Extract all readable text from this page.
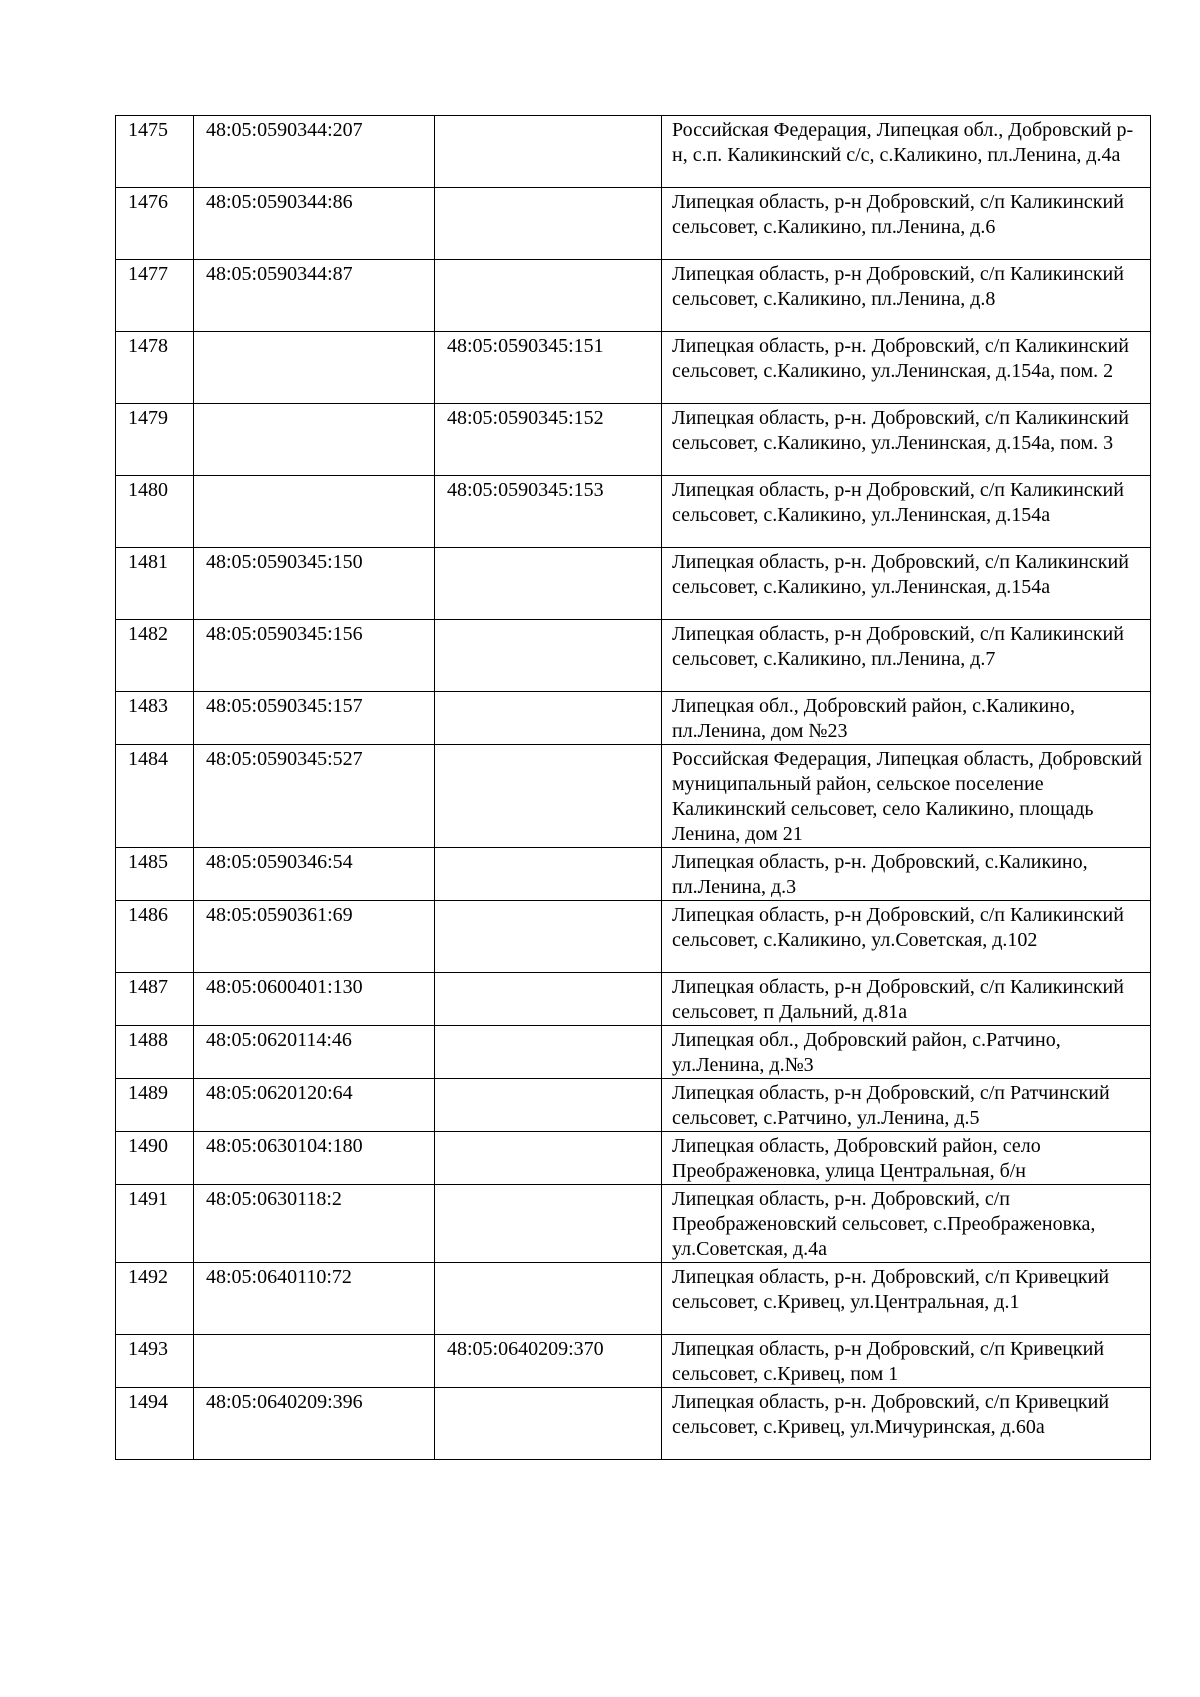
1475	48:05:0590344:207		Российская Федерация, Липецкая обл., Добровский р-н, с.п. Каликинский с/с, с.Каликино, пл.Ленина, д.4а
1476	48:05:0590344:86		Липецкая область, р-н Добровский, с/п Каликинский сельсовет, с.Каликино, пл.Ленина, д.6
1477	48:05:0590344:87		Липецкая область, р-н Добровский, с/п Каликинский сельсовет, с.Каликино, пл.Ленина, д.8
1478		48:05:0590345:151	Липецкая область, р-н. Добровский, с/п Каликинский сельсовет, с.Каликино, ул.Ленинская, д.154а, пом. 2
1479		48:05:0590345:152	Липецкая область, р-н. Добровский, с/п Каликинский сельсовет, с.Каликино, ул.Ленинская, д.154а, пом. 3
1480		48:05:0590345:153	Липецкая область, р-н Добровский, с/п Каликинский сельсовет, с.Каликино, ул.Ленинская, д.154а
1481	48:05:0590345:150		Липецкая область, р-н. Добровский, с/п Каликинский сельсовет, с.Каликино, ул.Ленинская, д.154а
1482	48:05:0590345:156		Липецкая область, р-н Добровский, с/п Каликинский сельсовет, с.Каликино, пл.Ленина, д.7
1483	48:05:0590345:157		Липецкая обл., Добровский район, с.Каликино, пл.Ленина, дом №23
1484	48:05:0590345:527		Российская Федерация, Липецкая область, Добровский муниципальный район, сельское поселение Каликинский сельсовет, село Каликино, площадь Ленина, дом 21
1485	48:05:0590346:54		Липецкая область, р-н. Добровский, с.Каликино, пл.Ленина, д.3
1486	48:05:0590361:69		Липецкая область, р-н Добровский, с/п Каликинский сельсовет, с.Каликино, ул.Советская, д.102
1487	48:05:0600401:130		Липецкая область, р-н Добровский, с/п Каликинский сельсовет, п Дальний, д.81а
1488	48:05:0620114:46		Липецкая обл., Добровский район, с.Ратчино, ул.Ленина, д.№3
1489	48:05:0620120:64		Липецкая область, р-н Добровский, с/п Ратчинский сельсовет, с.Ратчино, ул.Ленина, д.5
1490	48:05:0630104:180		Липецкая область, Добровский район, село Преображеновка, улица Центральная, б/н
1491	48:05:0630118:2		Липецкая область, р-н. Добровский, с/п Преображеновский сельсовет, с.Преображеновка, ул.Советская, д.4а
1492	48:05:0640110:72		Липецкая область, р-н. Добровский, с/п Кривецкий сельсовет, с.Кривец, ул.Центральная, д.1
1493		48:05:0640209:370	Липецкая область, р-н Добровский, с/п Кривецкий сельсовет, с.Кривец, пом 1
1494	48:05:0640209:396		Липецкая область, р-н. Добровский, с/п Кривецкий сельсовет, с.Кривец, ул.Мичуринская, д.60а
